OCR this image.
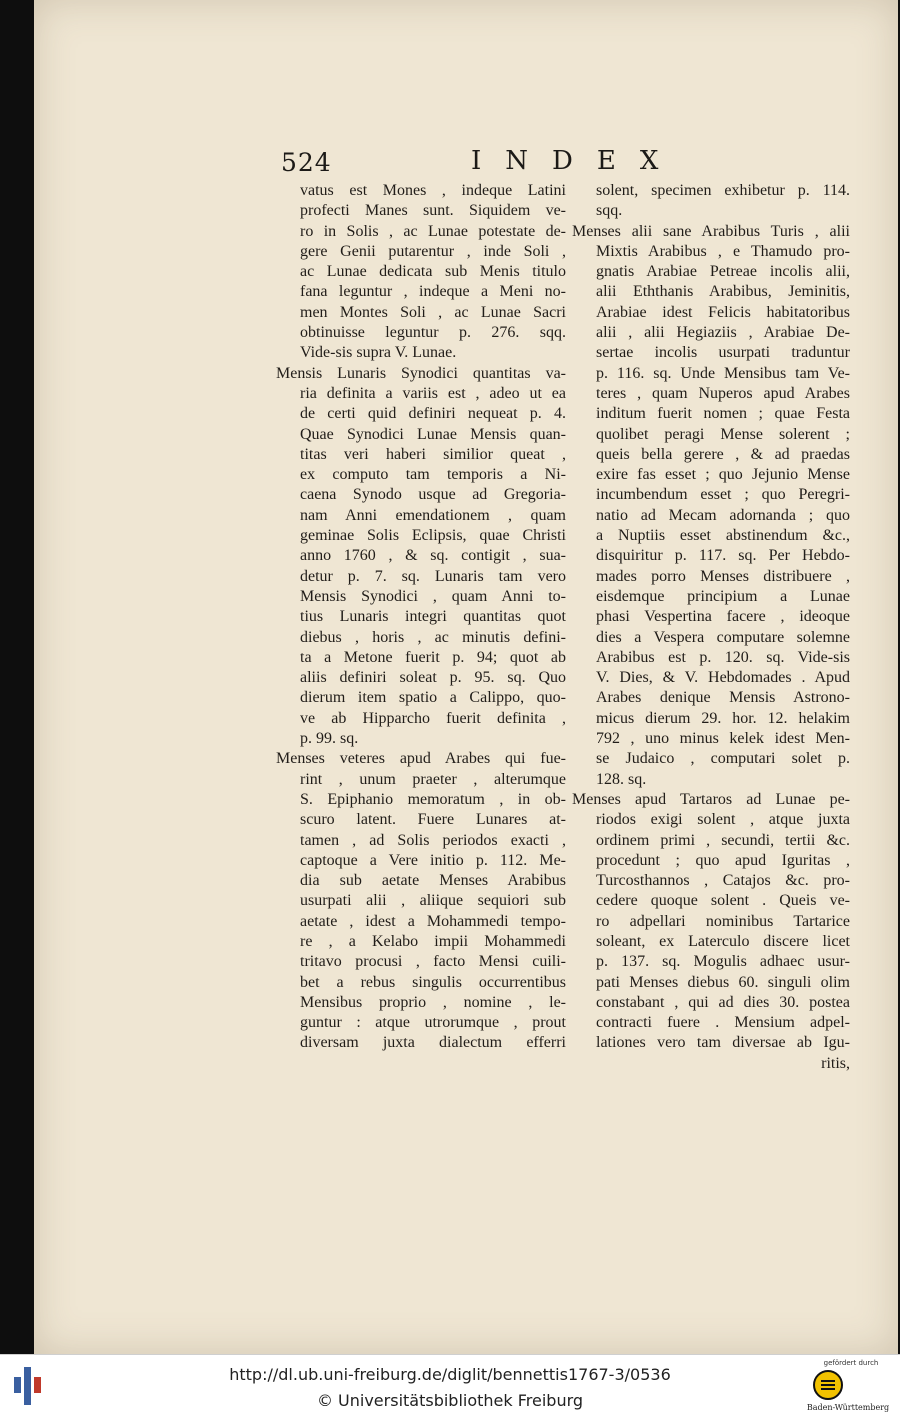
524	INDEX
vatus est Mones , indeque Latini
profecti Manes sunt. Siquidem ve-
ro in Solis , ac Lunae potestate de-
gere Genii putarentur , inde Soli ,
ac Lunae dedicata sub Menis titulo
fana leguntur , indeque a Meni no-
men Montes Soli , ac Lunae Sacri
obtinuisse leguntur p. 276. sqq.
Vide-sis supra V. Lunae.
Mensis Lunaris Synodici quantitas va-
ria definita a variis est , adeo ut ea
de certi quid definiri nequeat p. 4.
Quae Synodici Lunae Mensis quan-
titas veri haberi similior queat ,
ex computo tam temporis a Ni-
caena Synodo usque ad Gregoria-
nam Anni emendationem , quam
geminae Solis Eclipsis, quae Christi
anno 1760 , & sq. contigit , sua-
detur p. 7. sq. Lunaris tam vero
Mensis Synodici , quam Anni to-
tius Lunaris integri quantitas quot
diebus , horis , ac minutis defini-
ta a Metone fuerit p. 94; quot ab
aliis definiri soleat p. 95. sq. Quo
dierum item spatio a Calippo, quo-
ve ab Hipparcho fuerit definita ,
p. 99. sq.
Menses veteres apud Arabes qui fue-
rint , unum praeter , alterumque
S. Epiphanio memoratum , in ob-
scuro latent. Fuere Lunares at-
tamen , ad Solis periodos exacti ,
captoque a Vere initio p. 112. Me-
dia sub aetate Menses Arabibus
usurpati alii , aliique sequiori sub
aetate , idest a Mohammedi tempo-
re , a Kelabo impii Mohammedi
tritavo procusi , facto Mensi cuili-
bet a rebus singulis occurrentibus
Mensibus proprio , nomine , le-
guntur : atque utrorumque , prout
diversam juxta dialectum efferri
solent, specimen exhibetur p. 114.
sqq.
Menses alii sane Arabibus Turis , alii
Mixtis Arabibus , e Thamudo pro-
gnatis Arabiae Petreae incolis alii,
alii Eththanis Arabibus, Jeminitis,
Arabiae idest Felicis habitatoribus
alii , alii Hegiaziis , Arabiae De-
sertae incolis usurpati traduntur
p. 116. sq. Unde Mensibus tam Ve-
teres , quam Nuperos apud Arabes
inditum fuerit nomen ; quae Festa
quolibet peragi Mense solerent ;
queis bella gerere , & ad praedas
exire fas esset ; quo Jejunio Mense
incumbendum esset ; quo Peregri-
natio ad Mecam adornanda ; quo
a Nuptiis esset abstinendum &c.,
disquiritur p. 117. sq. Per Hebdo-
mades porro Menses distribuere ,
eisdemque principium a Lunae
phasi Vespertina facere , ideoque
dies a Vespera computare solemne
Arabibus est p. 120. sq. Vide-sis
V. Dies, & V. Hebdomades . Apud
Arabes denique Mensis Astrono-
micus dierum 29. hor. 12. helakim
792 , uno minus kelek idest Men-
se Judaico , computari solet p.
128. sq.
Menses apud Tartaros ad Lunae pe-
riodos exigi solent , atque juxta
ordinem primi , secundi, tertii &c.
procedunt ; quo apud Iguritas ,
Turcosthannos , Catajos &c. pro-
cedere quoque solent . Queis ve-
ro adpellari nominibus Tartarice
soleant, ex Laterculo discere licet
p. 137. sq. Mogulis adhaec usur-
pati Menses diebus 60. singuli olim
constabant , qui ad dies 30. postea
contracti fuere . Mensium adpel-
lationes vero tam diversae ab Igu-
ritis,
http://dl.ub.uni-freiburg.de/diglit/bennettis1767-3/0536
© Universitätsbibliothek Freiburg
gefördert durch
Baden-Württemberg
